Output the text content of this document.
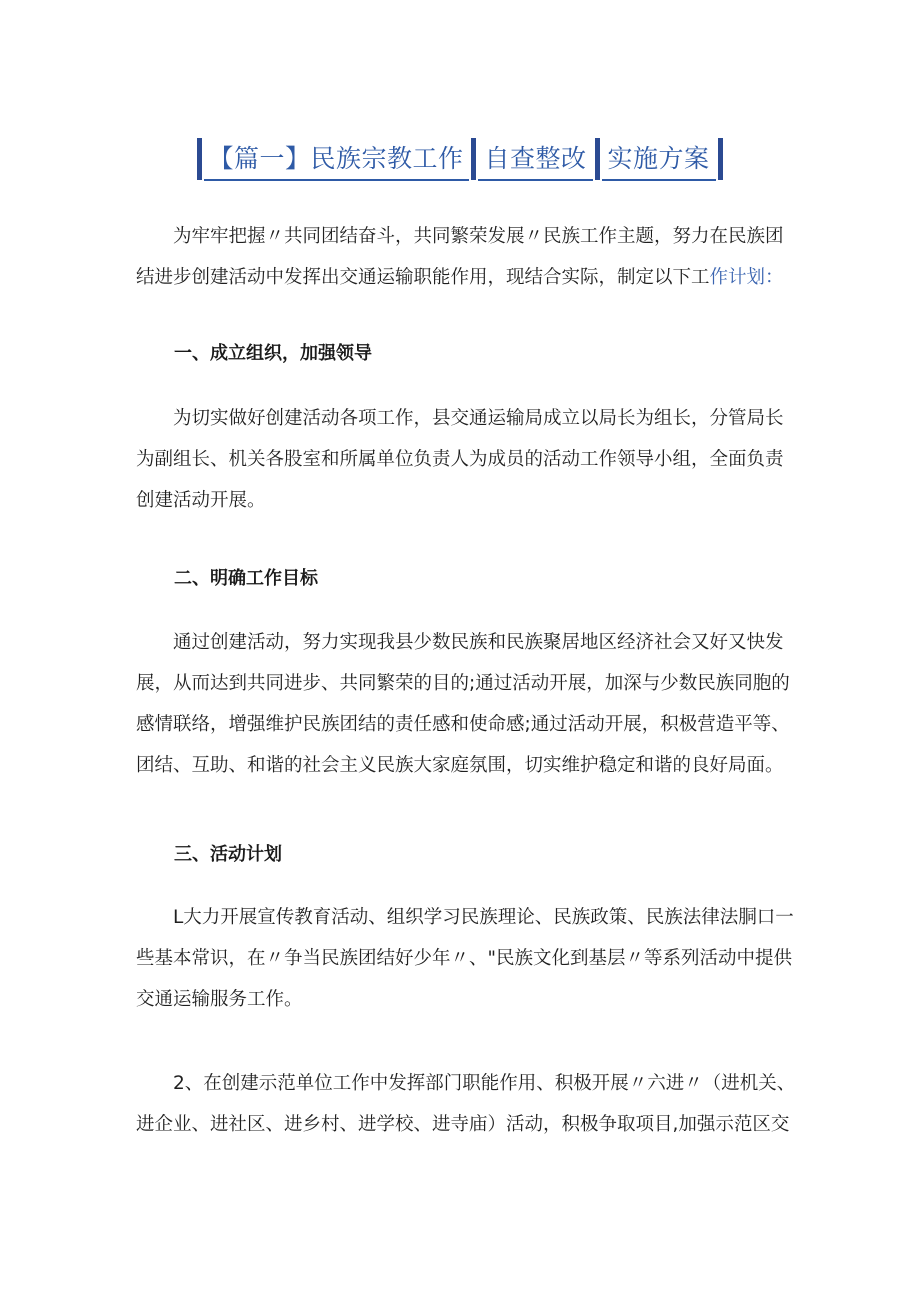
【篇一】民族宗教工作 自查整改 实施方案

为牢牢把握〃共同团结奋斗，共同繁荣发展〃民族工作主题，努力在民族团结进步创建活动中发挥出交通运输职能作用，现结合实际，制定以下工作计划：

一、成立组织，加强领导

为切实做好创建活动各项工作，县交通运输局成立以局长为组长，分管局长为副组长、机关各股室和所属单位负责人为成员的活动工作领导小组，全面负责创建活动开展。

二、明确工作目标

通过创建活动，努力实现我县少数民族和民族聚居地区经济社会又好又快发展，从而达到共同进步、共同繁荣的目的;通过活动开展，加深与少数民族同胞的感情联络，增强维护民族团结的责任感和使命感;通过活动开展，积极营造平等、团结、互助、和谐的社会主义民族大家庭氛围，切实维护稳定和谐的良好局面。

三、活动计划

L大力开展宣传教育活动、组织学习民族理论、民族政策、民族法律法胴口一些基本常识，在〃争当民族团结好少年〃、"民族文化到基层〃等系列活动中提供交通运输服务工作。

2、在创建示范单位工作中发挥部门职能作用、积极开展〃六进〃（进机关、进企业、进社区、进乡村、进学校、进寺庙）活动，积极争取项目,加强示范区交
